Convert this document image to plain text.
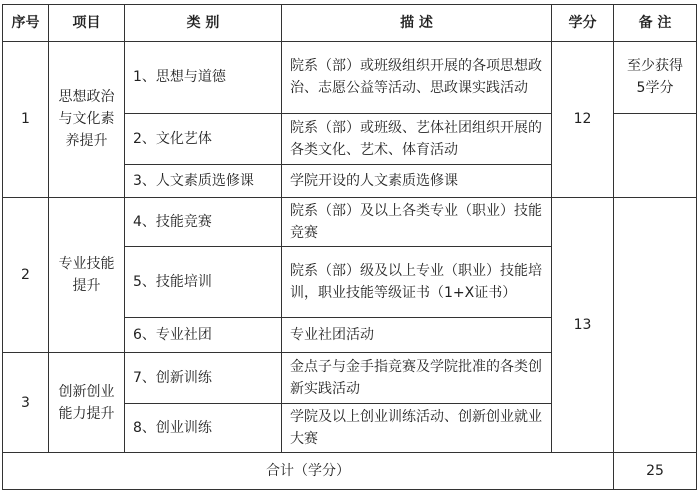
序号	项目	类 别	描 述	学分	备 注
1	思想政治与文化素养提升	1、思想与道德	院系（部）或班级组织开展的各项思想政治、志愿公益等活动、思政课实践活动	12	至少获得5学分

		2、文化艺体	院系（部）或班级、艺体社团组织开展的各类文化、艺术、体育活动		
		3、人文素质选修课	学院开设的人文素质选修课		
2	专业技能提升	4、技能竞赛	院系（部）及以上各类专业（职业）技能竞赛	13	
		5、技能培训	院系（部）级及以上专业（职业）技能培训，职业技能等级证书（1+X证书）		
		6、专业社团	专业社团活动		
3	创新创业能力提升	7、创新训练	金点子与金手指竞赛及学院批准的各类创新实践活动		
		8、创业训练	学院及以上创业训练活动、创新创业就业大赛		
合计（学分）					25
